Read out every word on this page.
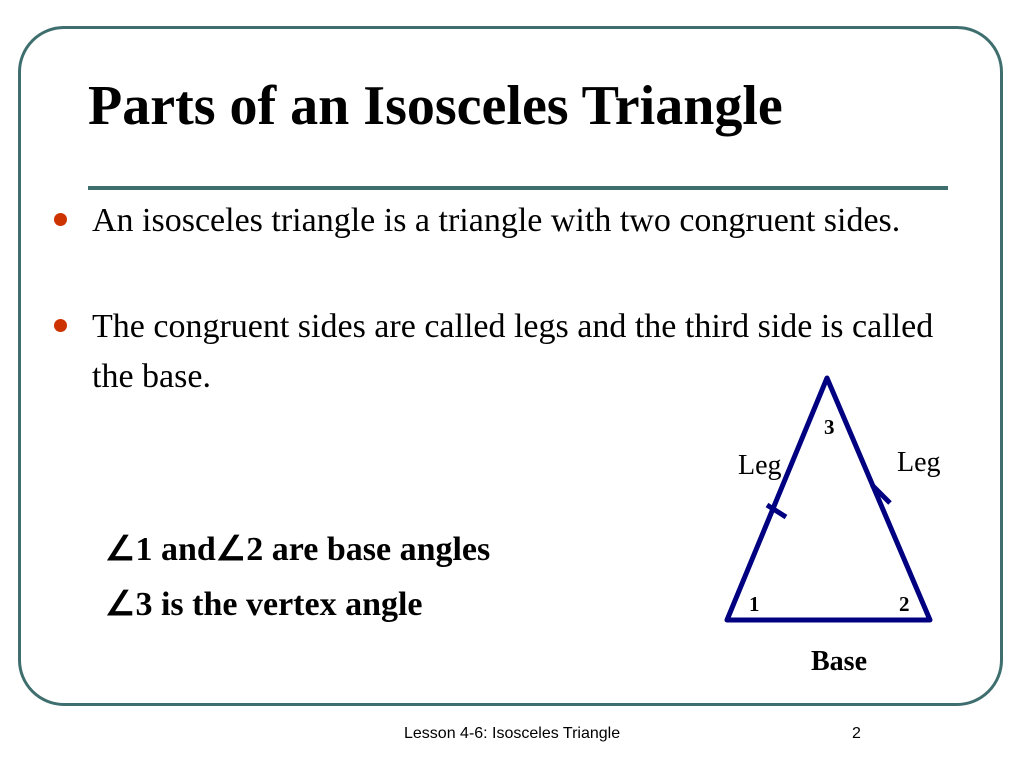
Parts of an Isosceles Triangle
An isosceles triangle is a triangle with two congruent sides.
The congruent sides are called legs and the third side is called the base.
∠1 and∠2 are base angles
∠3 is the vertex angle
Leg	Leg
3
1	2
Base
Lesson 4-6: Isosceles Triangle	2
